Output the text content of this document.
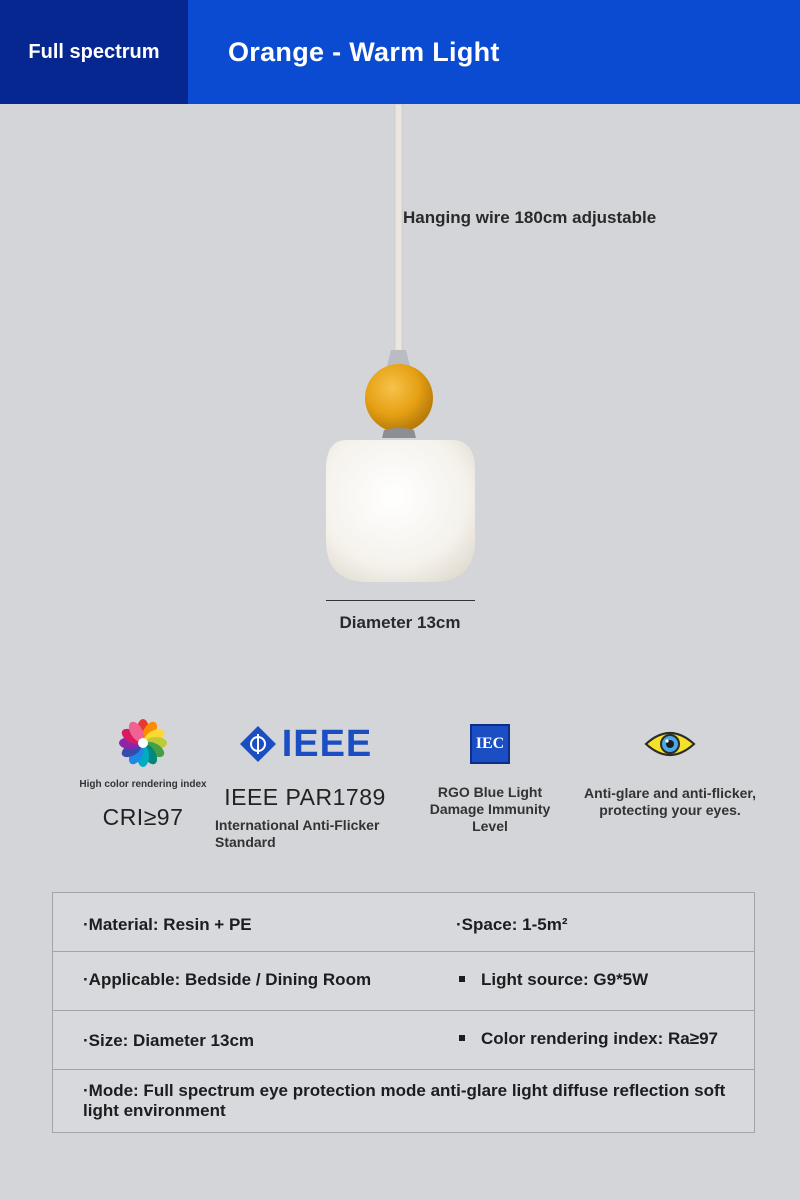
Full spectrum	Orange - Warm Light
Hanging wire 180cm adjustable
Diameter 13cm
High color rendering index
CRI≥97
IEEE
IEEE PAR1789
International Anti-Flicker Standard
IEC
RGO Blue Light Damage Immunity Level
Anti-glare and anti-flicker, protecting your eyes.
·Material: Resin + PE	·Space: 1-5m²
·Applicable: Bedside / Dining Room	Light source: G9*5W
·Size: Diameter 13cm	Color rendering index: Ra≥97
·Mode: Full spectrum eye protection mode anti-glare light diffuse reflection soft light environment
